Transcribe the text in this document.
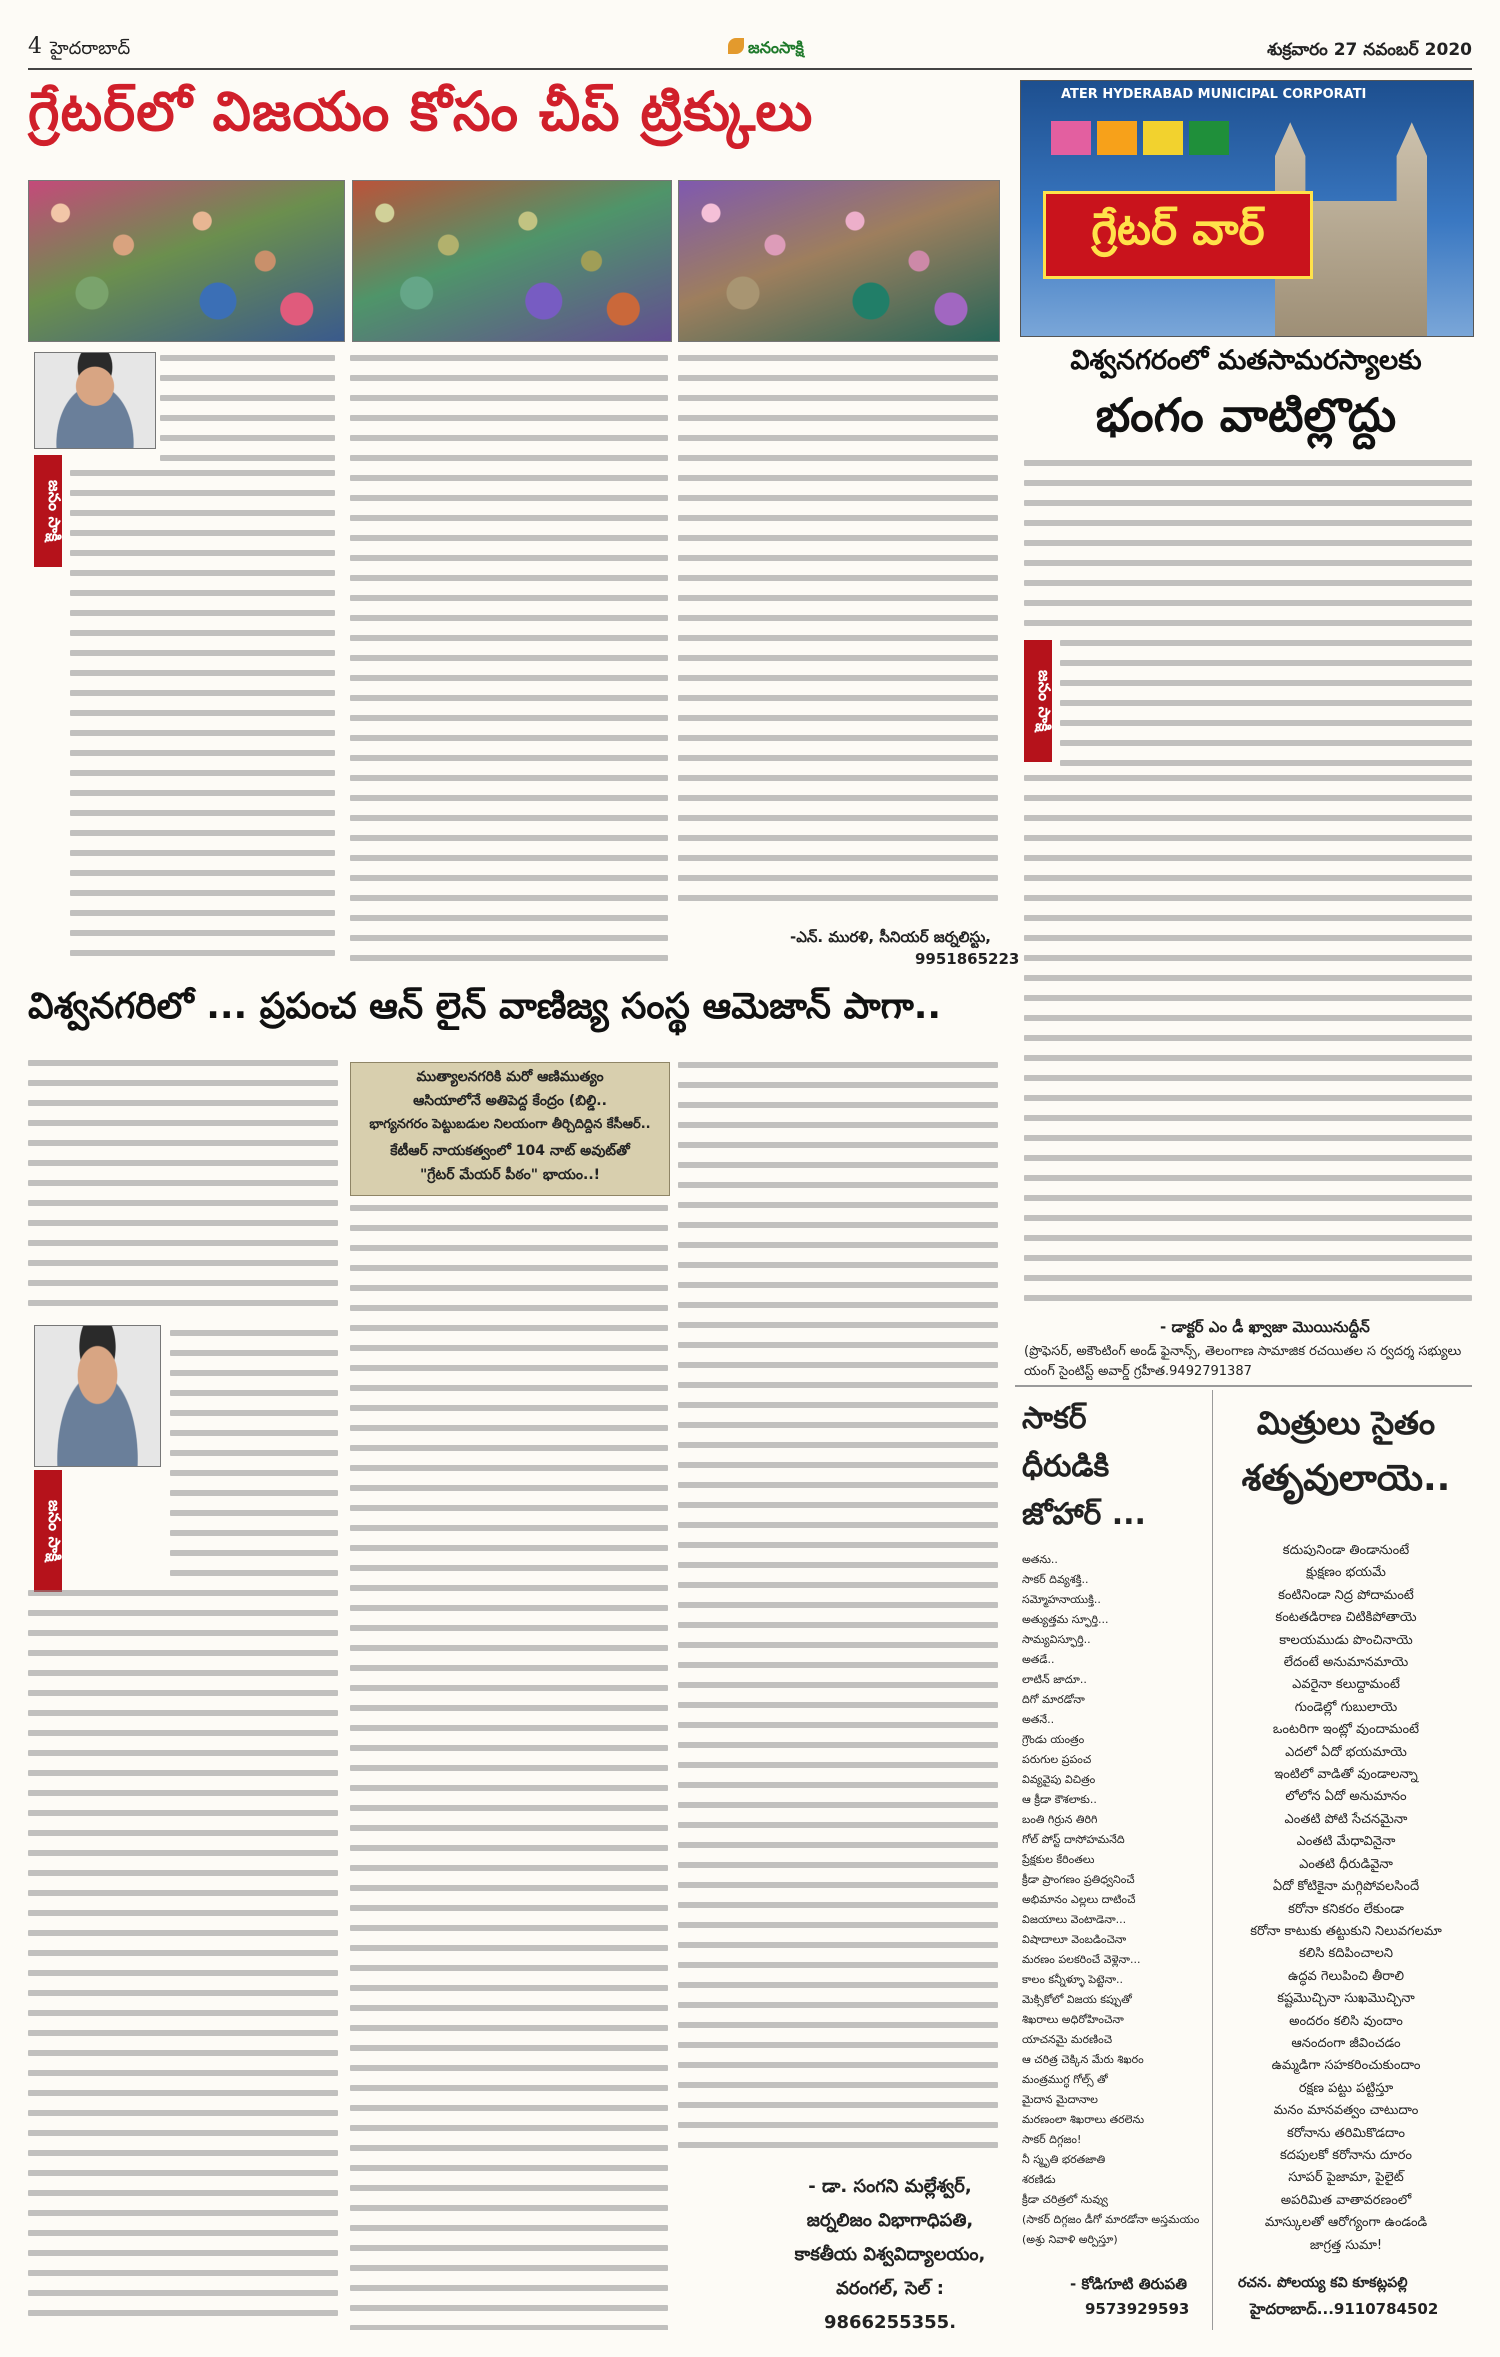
4 హైదరాబాద్	జనంసాక్షి	శుక్రవారం 27 నవంబర్ 2020
గ్రేటర్‌లో విజయం కోసం చీప్ ట్రిక్కులు	ATER HYDERABAD MUNICIPAL CORPORATI
గ్రేటర్ వార్
విశ్వనగరంలో మతసామరస్యాలకు
భంగం వాటిల్లొద్దు
జనం సాక్షి
-ఎన్. మురళి, సీనియర్ జర్నలిస్టు,
9951865223
జనం సాక్షి
- డాక్టర్ ఎం డీ ఖ్వాజా మొయినుద్దీన్
(ప్రొఫెసర్, అకౌంటింగ్ అండ్ ఫైనాన్స్, తెలంగాణ సామాజిక రచయితల స ర్వదర్శ సభ్యులు యంగ్ సైంటిస్ట్ అవార్డ్ గ్రహీత.9492791387
విశ్వనగరిలో ... ప్రపంచ ఆన్ లైన్ వాణిజ్య సంస్థ ఆమెజాన్ పాగా..
జనం సాక్షి
ముత్యాలనగరికి మరో ఆణిముత్యం
ఆసియాలోనే అతిపెద్ద కేంద్రం (బిల్డి..
భాగ్యనగరం పెట్టుబడుల నిలయంగా తీర్చిదిద్దిన కేసీఆర్..
కేటీఆర్ నాయకత్వంలో 104 నాట్ అవుట్‌తో
"గ్రేటర్ మేయర్ పీఠం" భాయం..!
- డా. సంగని మల్లేశ్వర్,
జర్నలిజం విభాగాధిపతి,
కాకతీయ విశ్వవిద్యాలయం,
వరంగల్, సెల్ : 9866255355.
సాకర్
ధీరుడికి
జోహార్ ...
అతను..
సాకర్ దివ్యశక్తి..
సమ్మోహనాయుక్తి..
అత్యుత్తమ స్ఫూర్తి...
సామ్యవిస్ఫూర్తి..
అతడే..
లాటిన్ జాదూ..
దిగో మారడోనా
అతనే..
గ్రౌండు యంత్రం
పరుగుల ప్రపంచ
వివ్యవైపు విచిత్రం
ఆ క్రీడా కౌశలాకు..
బంతి గిర్రున తిరిగి
గోల్ పోస్ట్ దాసోహమనేది
ప్రేక్షకుల కేరింతలు
క్రీడా ప్రాంగణం ప్రతిధ్వనించే
అభిమానం ఎల్లలు దాటించే
విజయాలు వెంటాడెనా...
విషాదాలూ వెంబడించెనా
మరణం పలకరించే వెళ్లెనా...
కాలం కన్నీళ్ళూ పెట్టెనా..
మెక్సికోలో విజయ కప్పుతో
శిఖరాలు అధిరోహించెనా
యాచనమై మరణించె
ఆ చరిత్ర చెక్కిన మేరు శిఖరం
మంత్రముగ్ధ గోల్స్ తో
మైదాన మైదానాల
మరణంలా శిఖరాలు తరలెను
సాకర్ దిగ్గజం!
నీ స్మృతి భరతజాతి
శరణిడు
క్రీడా చరిత్రలో నువ్వు
(సాకర్ దిగ్గజం డీగో మారడోనా అస్తమయం
(అశ్రు నివాళి అర్పిస్తూ)
- కోడిగూటి తిరుపతి
9573929593
మిత్రులు సైతం
శతృవులాయె..
కదుపునిండా తిండానుంటే
క్షుక్షణం భయమే
కంటినిండా నిద్ర పోదామంటే
కంటతడిరాణ చిటికిపోతాయె
కాలయముడు పొంచినాయె
లేదంటే అనుమానమాయె
ఎవరైనా కలుద్దామంటే
గుండెల్లో గుబులాయె
ఒంటరిగా ఇంట్లో వుందామంటే
ఎదలో ఏదో భయమాయె
ఇంటిలో వాడితో వుండాలన్నా
లోలోన ఏదో అనుమానం
ఎంతటి పోటి సేచనమైనా
ఎంతటి మేధావినైనా
ఎంతటి ధీరుడివైనా
ఏదో కోటికైనా మగ్గిపోవలసిందే
కరోనా కనికరం లేకుండా
కరోనా కాటుకు తట్టుకుని నిలువగలమా
కలిసి కదిపించాలని
ఉద్ధవ గెలుపించి తీరాలి
కష్టమొచ్చినా సుఖమొచ్చినా
అందరం కలిసి వుందాం
ఆనందంగా జీవించడం
ఉమ్మడిగా సహకరించుకుందాం
రక్షణ పట్టు పట్టిస్తూ
మనం మానవత్వం చాటుదాం
కరోనాను తరిమికొడదాం
కదపులకో కరోనాను దూరం
సూపర్ పైజామా, పైలైట్
అపరిమిత వాతావరణంలో
మాస్కులతో ఆరోగ్యంగా ఉండండి
జాగ్రత్త సుమా!
రచన. పోలయ్య కవి కూకట్లపల్లి
హైదరాబాద్...9110784502
